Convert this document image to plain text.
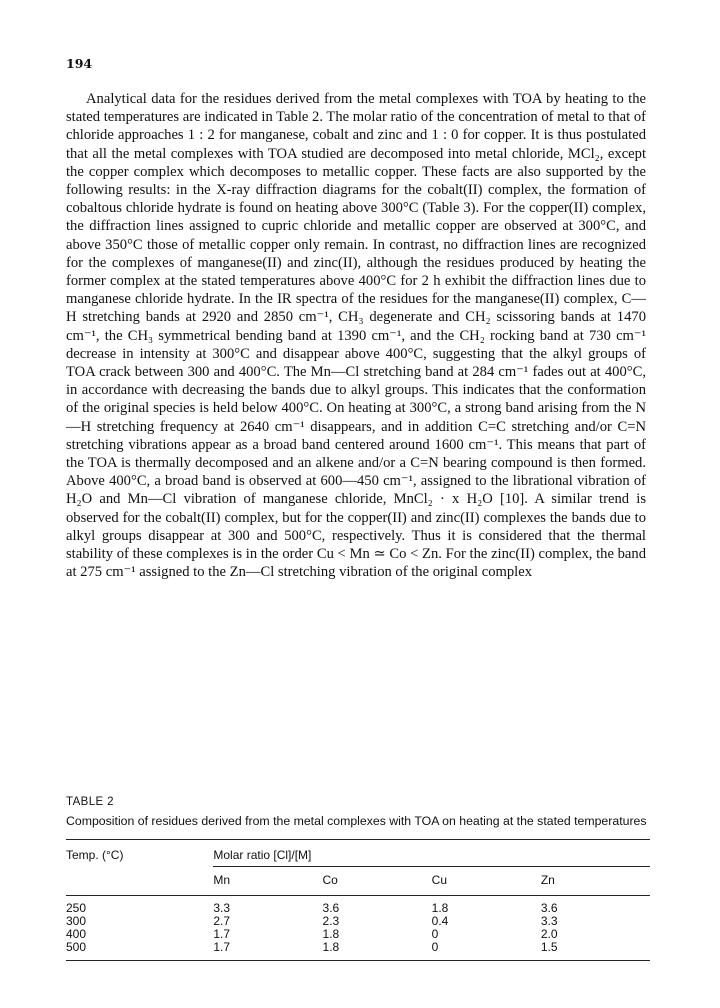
194

Analytical data for the residues derived from the metal complexes with TOA by heating to the stated temperatures are indicated in Table 2. The molar ratio of the concentration of metal to that of chloride approaches 1 : 2 for manganese, cobalt and zinc and 1 : 0 for copper. It is thus postulated that all the metal complexes with TOA studied are decomposed into metal chloride, MCl₂, except the copper complex which decomposes to metallic copper. These facts are also supported by the following results: in the X-ray diffraction diagrams for the cobalt(II) complex, the formation of cobaltous chloride hydrate is found on heating above 300°C (Table 3). For the copper(II) complex, the diffraction lines assigned to cupric chloride and metallic copper are observed at 300°C, and above 350°C those of metallic copper only remain. In contrast, no diffraction lines are recognized for the complexes of manganese(II) and zinc(II), although the residues produced by heating the former complex at the stated temperatures above 400°C for 2 h exhibit the diffraction lines due to manganese chloride hydrate. In the IR spectra of the residues for the manganese(II) complex, C—H stretching bands at 2920 and 2850 cm⁻¹, CH₃ degenerate and CH₂ scissoring bands at 1470 cm⁻¹, the CH₃ symmetrical bending band at 1390 cm⁻¹, and the CH₂ rocking band at 730 cm⁻¹ decrease in intensity at 300°C and disappear above 400°C, suggesting that the alkyl groups of TOA crack between 300 and 400°C. The Mn—Cl stretching band at 284 cm⁻¹ fades out at 400°C, in accordance with decreasing the bands due to alkyl groups. This indicates that the conformation of the original species is held below 400°C. On heating at 300°C, a strong band arising from the N—H stretching frequency at 2640 cm⁻¹ disappears, and in addition C=C stretching and/or C=N stretching vibrations appear as a broad band centered around 1600 cm⁻¹. This means that part of the TOA is thermally decomposed and an alkene and/or a C=N bearing compound is then formed. Above 400°C, a broad band is observed at 600—450 cm⁻¹, assigned to the librational vibration of H₂O and Mn—Cl vibration of manganese chloride, MnCl₂ · x H₂O [10]. A similar trend is observed for the cobalt(II) complex, but for the copper(II) and zinc(II) complexes the bands due to alkyl groups disappear at 300 and 500°C, respectively. Thus it is considered that the thermal stability of these complexes is in the order Cu < Mn ≃ Co < Zn. For the zinc(II) complex, the band at 275 cm⁻¹ assigned to the Zn—Cl stretching vibration of the original complex

TABLE 2
Composition of residues derived from the metal complexes with TOA on heating at the stated temperatures

Temp. (°C)	Molar ratio [Cl]/[M]			
	Mn	Co	Cu	Zn
250	3.3	3.6	1.8	3.6
300	2.7	2.3	0.4	3.3
400	1.7	1.8	0	2.0
500	1.7	1.8	0	1.5
